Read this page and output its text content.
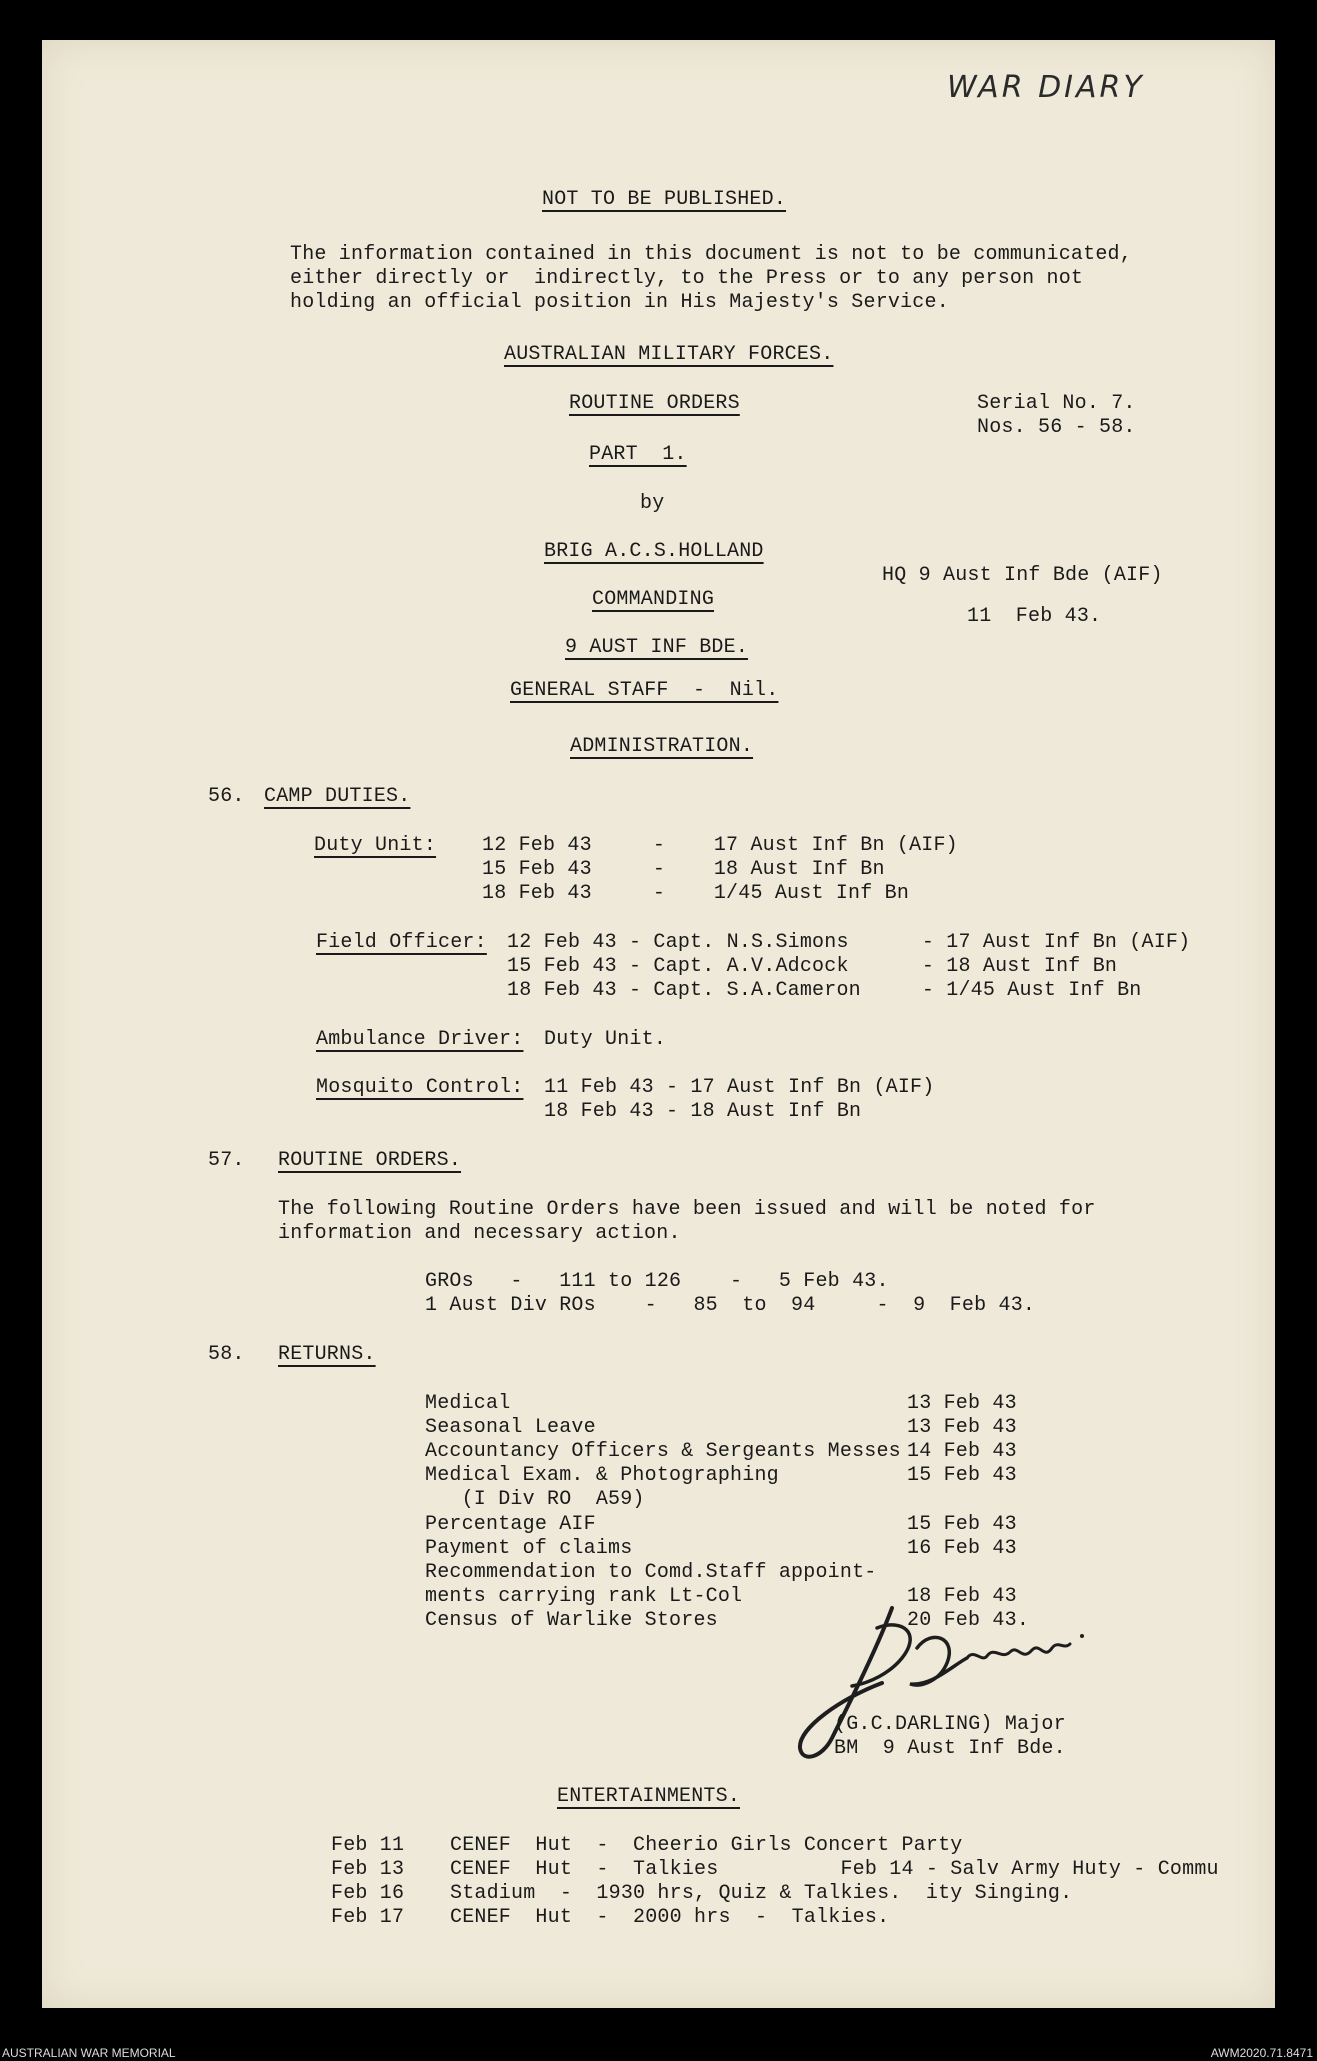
WAR DIARY
NOT TO BE PUBLISHED.
The information contained in this document is not to be communicated,
either directly or  indirectly, to the Press or to any person not
holding an official position in His Majesty's Service.
AUSTRALIAN MILITARY FORCES.
ROUTINE ORDERS	Serial No. 7.
Nos. 56 - 58.
PART  1.
by
BRIG A.C.S.HOLLAND
HQ 9 Aust Inf Bde (AIF)
COMMANDING
11  Feb 43.
9 AUST INF BDE.
GENERAL STAFF  -  Nil.
ADMINISTRATION.
56. CAMP DUTIES.
Duty Unit: 12 Feb 43     -    17 Aust Inf Bn (AIF)
15 Feb 43     -    18 Aust Inf Bn
18 Feb 43     -    1/45 Aust Inf Bn
Field Officer: 12 Feb 43 - Capt. N.S.Simons      - 17 Aust Inf Bn (AIF)
15 Feb 43 - Capt. A.V.Adcock      - 18 Aust Inf Bn
18 Feb 43 - Capt. S.A.Cameron     - 1/45 Aust Inf Bn
Ambulance Driver: Duty Unit.
Mosquito Control: 11 Feb 43 - 17 Aust Inf Bn (AIF)
18 Feb 43 - 18 Aust Inf Bn
57. ROUTINE ORDERS.
The following Routine Orders have been issued and will be noted for
information and necessary action.
GROs   -   111 to 126    -   5 Feb 43.
1 Aust Div ROs    -   85  to  94     -  9  Feb 43.
58. RETURNS.
Medical	13 Feb 43
Seasonal Leave	13 Feb 43
Accountancy Officers & Sergeants Messes 14 Feb 43
Medical Exam. & Photographing	15 Feb 43
(I Div RO  A59)
Percentage AIF	15 Feb 43
Payment of claims	16 Feb 43
Recommendation to Comd.Staff appoint-
ments carrying rank Lt-Col	18 Feb 43
Census of Warlike Stores	20 Feb 43.
(G.C.DARLING) Major
BM  9 Aust Inf Bde.
ENTERTAINMENTS.
Feb 11 CENEF  Hut  -  Cheerio Girls Concert Party
Feb 13 CENEF  Hut  -  Talkies          Feb 14 - Salv Army Huty - Commu
Feb 16 Stadium  -  1930 hrs, Quiz & Talkies.  ity Singing.
Feb 17 CENEF  Hut  -  2000 hrs  -  Talkies.
AUSTRALIAN WAR MEMORIAL	AWM2020.71.8471
